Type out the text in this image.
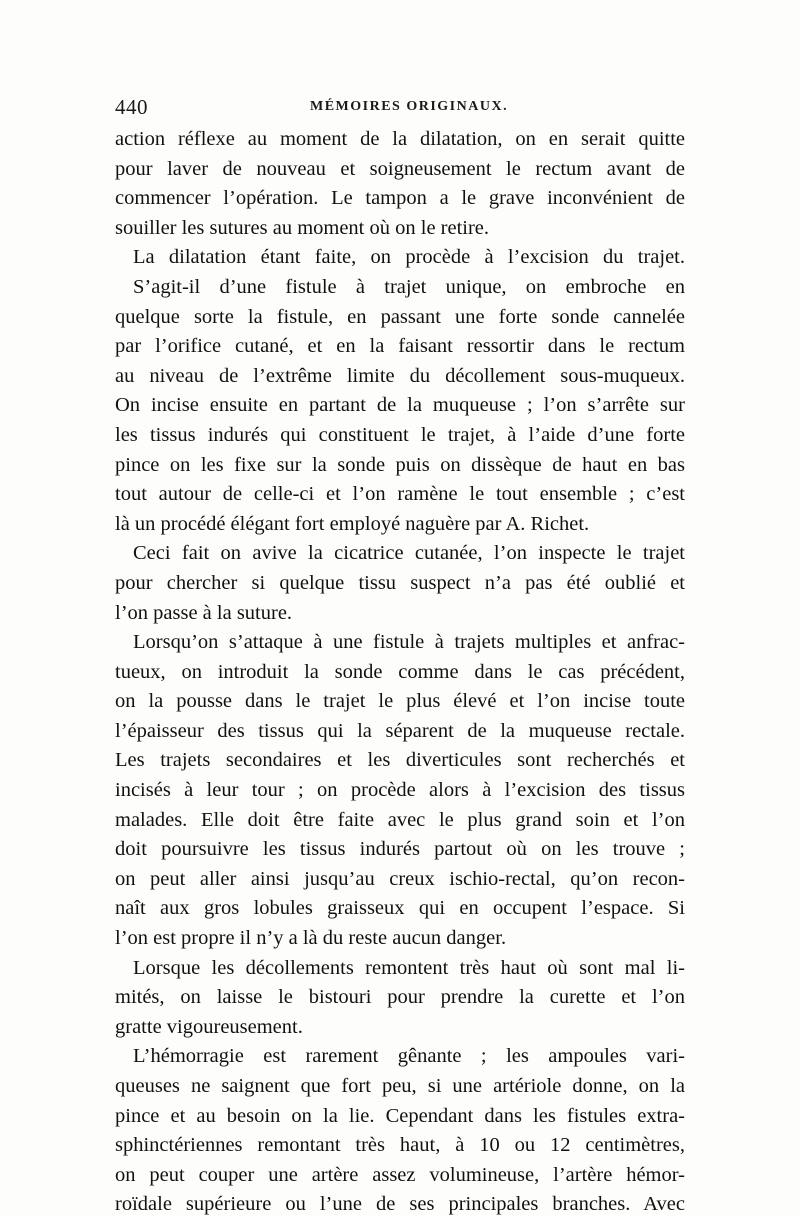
440	MÉMOIRES ORIGINAUX.
action réflexe au moment de la dilatation, on en serait quitte
pour laver de nouveau et soigneusement le rectum avant de
commencer l’opération. Le tampon a le grave inconvénient de
souiller les sutures au moment où on le retire.
La dilatation étant faite, on procède à l’excision du trajet.
S’agit-il d’une fistule à trajet unique, on embroche en
quelque sorte la fistule, en passant une forte sonde cannelée
par l’orifice cutané, et en la faisant ressortir dans le rectum
au niveau de l’extrême limite du décollement sous-muqueux.
On incise ensuite en partant de la muqueuse ; l’on s’arrête sur
les tissus indurés qui constituent le trajet, à l’aide d’une forte
pince on les fixe sur la sonde puis on dissèque de haut en bas
tout autour de celle-ci et l’on ramène le tout ensemble ; c’est
là un procédé élégant fort employé naguère par A. Richet.
Ceci fait on avive la cicatrice cutanée, l’on inspecte le trajet
pour chercher si quelque tissu suspect n’a pas été oublié et
l’on passe à la suture.
Lorsqu’on s’attaque à une fistule à trajets multiples et anfrac-
tueux, on introduit la sonde comme dans le cas précédent,
on la pousse dans le trajet le plus élevé et l’on incise toute
l’épaisseur des tissus qui la séparent de la muqueuse rectale.
Les trajets secondaires et les diverticules sont recherchés et
incisés à leur tour ; on procède alors à l’excision des tissus
malades. Elle doit être faite avec le plus grand soin et l’on
doit poursuivre les tissus indurés partout où on les trouve ;
on peut aller ainsi jusqu’au creux ischio-rectal, qu’on recon-
naît aux gros lobules graisseux qui en occupent l’espace. Si
l’on est propre il n’y a là du reste aucun danger.
Lorsque les décollements remontent très haut où sont mal li-
mités, on laisse le bistouri pour prendre la curette et l’on
gratte vigoureusement.
L’hémorragie est rarement gênante ; les ampoules vari-
queuses ne saignent que fort peu, si une artériole donne, on la
pince et au besoin on la lie. Cependant dans les fistules extra-
sphinctériennes remontant très haut, à 10 ou 12 centimètres,
on peut couper une artère assez volumineuse, l’artère hémor-
roïdale supérieure ou l’une de ses principales branches. Avec
